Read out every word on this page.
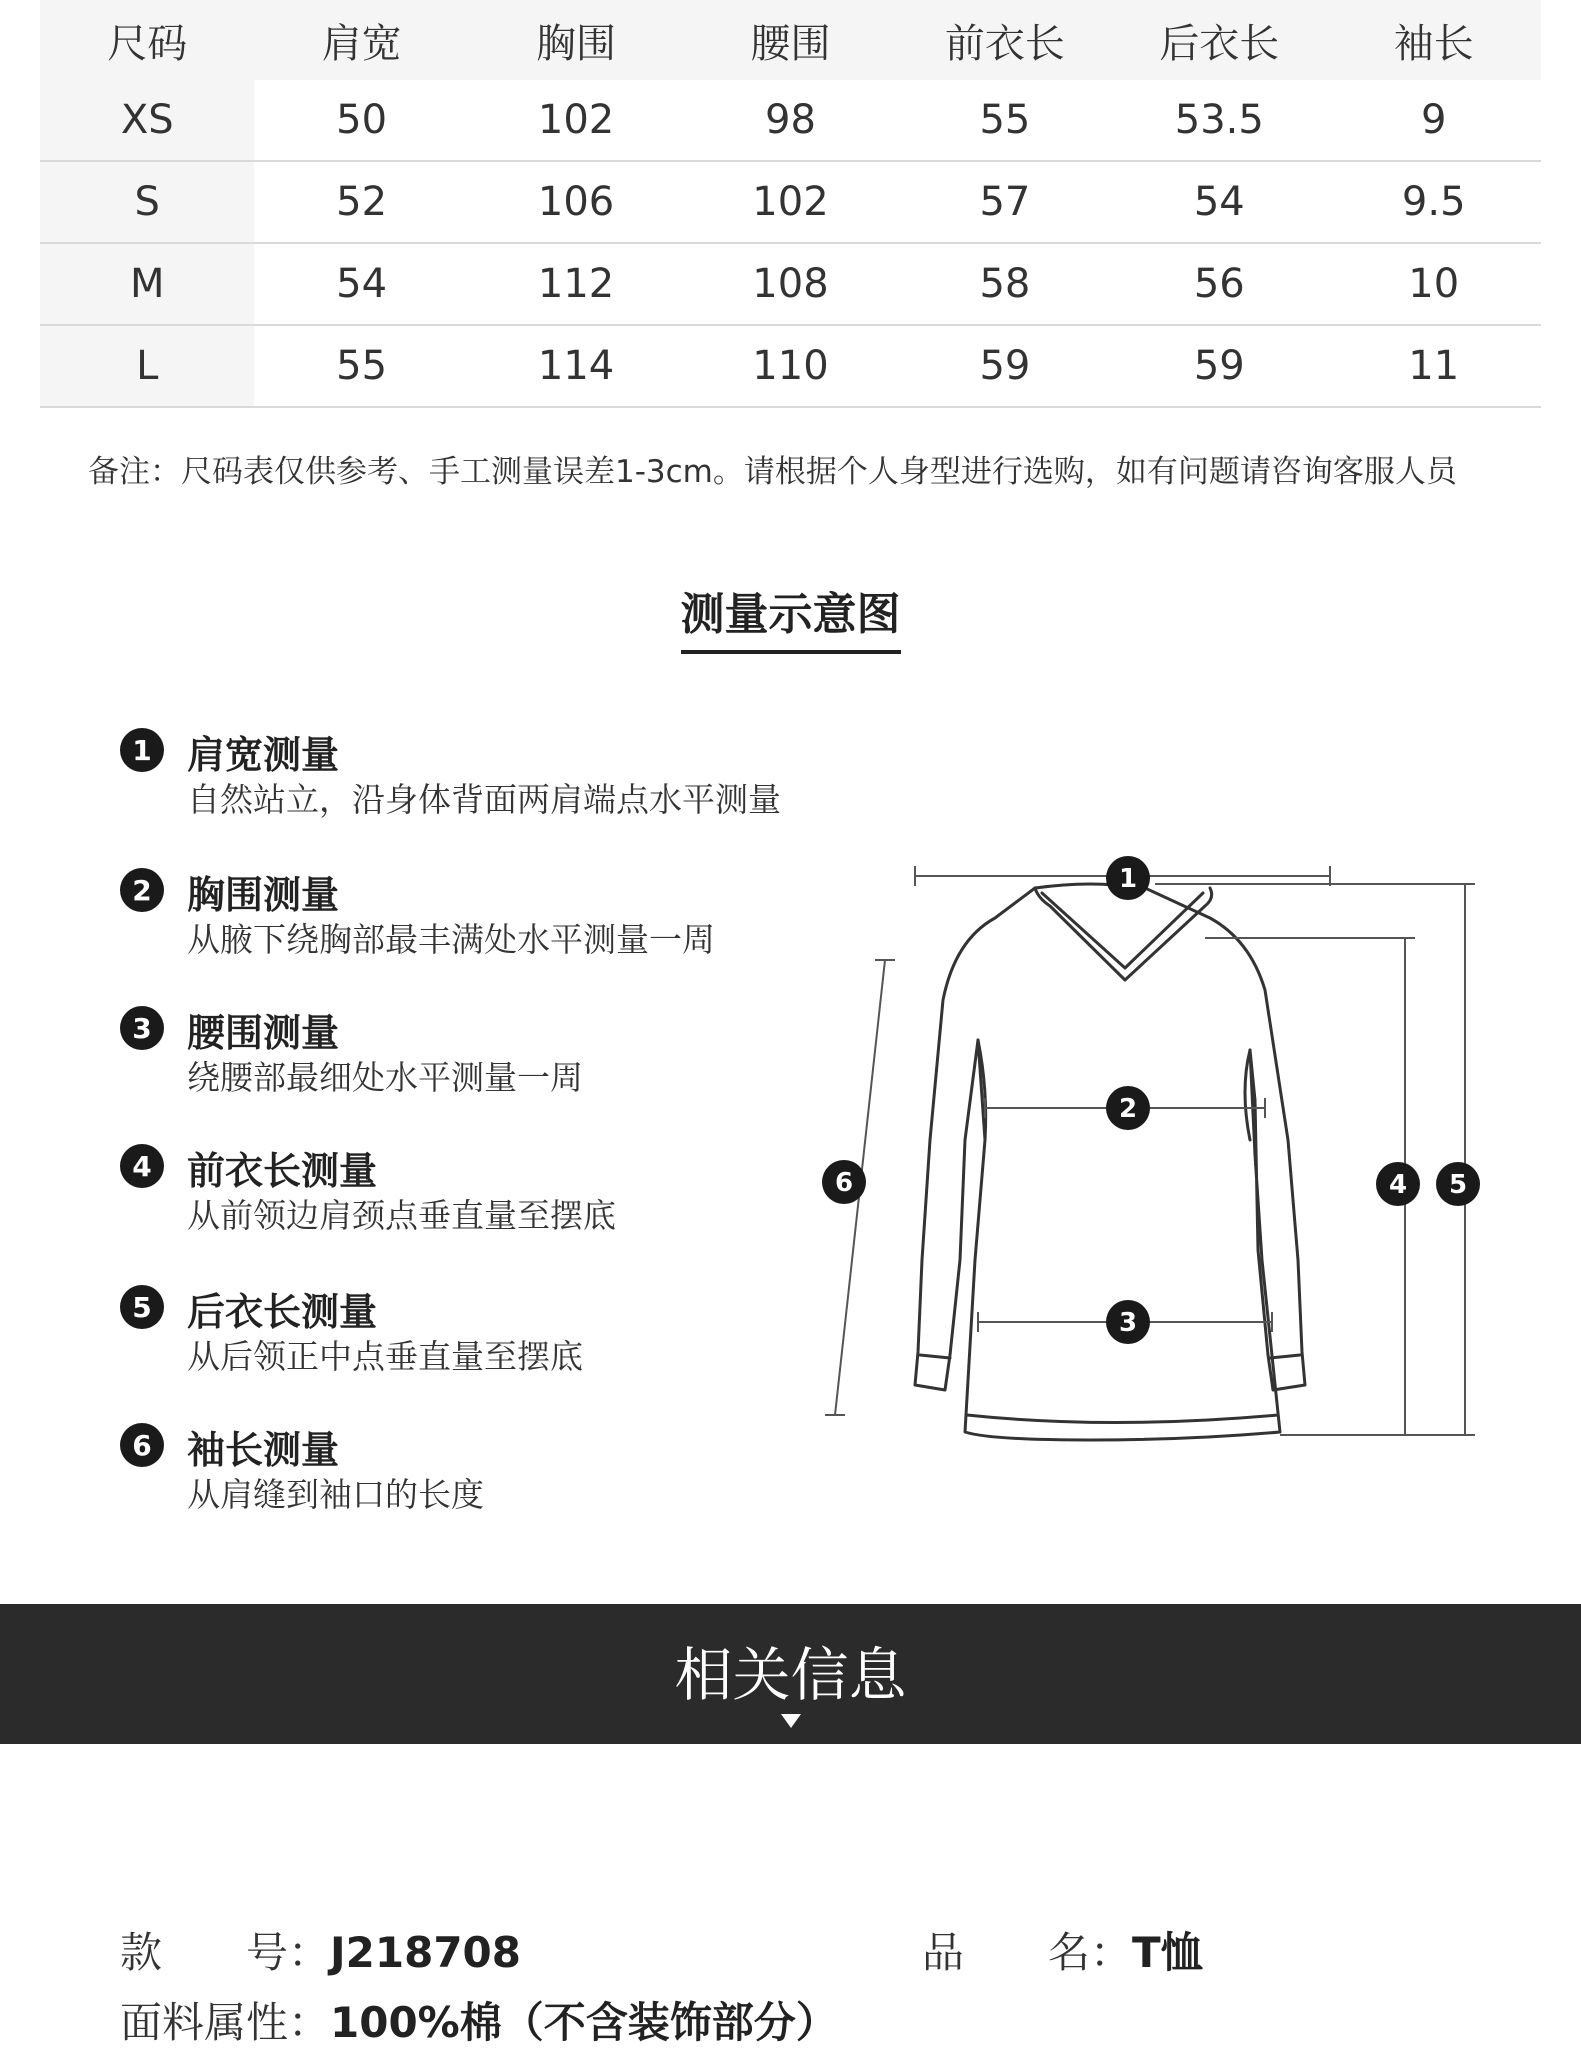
尺码	肩宽	胸围	腰围	前衣长	后衣长	袖长
XS	50	102	98	55	53.5	9
S	52	106	102	57	54	9.5
M	54	112	108	58	56	10
L	55	114	110	59	59	11
备注：尺码表仅供参考、手工测量误差1-3cm。请根据个人身型进行选购，如有问题请咨询客服人员
测量示意图
1 肩宽测量
自然站立，沿身体背面两肩端点水平测量
2 胸围测量
从腋下绕胸部最丰满处水平测量一周
3 腰围测量
绕腰部最细处水平测量一周
4 前衣长测量
从前领边肩颈点垂直量至摆底
5 后衣长测量
从后领正中点垂直量至摆底
6 袖长测量
从肩缝到袖口的长度
1
2
3
4 5
6
相关信息
款　　号：J218708	品　　名：T恤
面料属性：100%棉（不含装饰部分）
